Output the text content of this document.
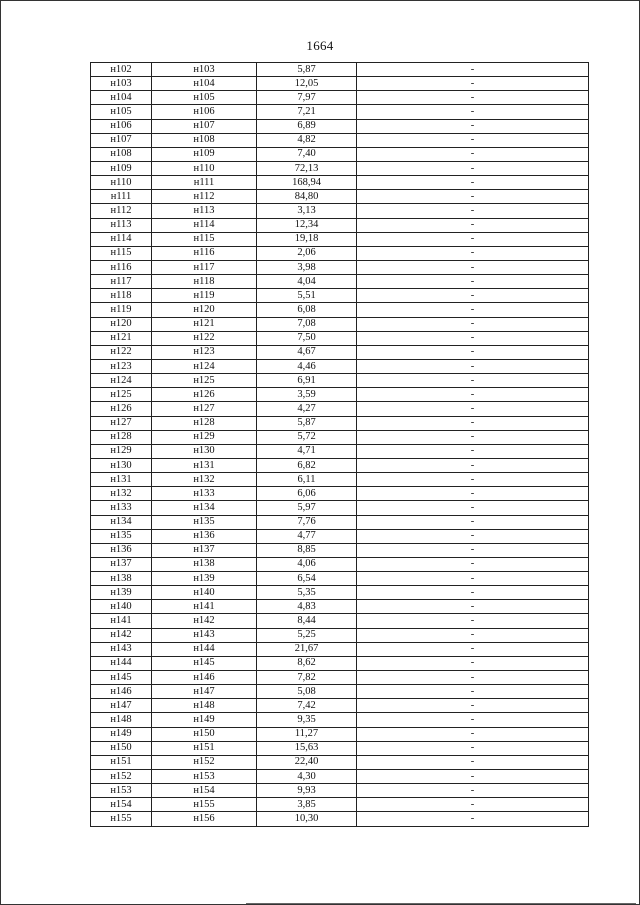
1664
н102	н103	5,87	-
н103	н104	12,05	-
н104	н105	7,97	-
н105	н106	7,21	-
н106	н107	6,89	-
н107	н108	4,82	-
н108	н109	7,40	-
н109	н110	72,13	-
н110	н111	168,94	-
н111	н112	84,80	-
н112	н113	3,13	-
н113	н114	12,34	-
н114	н115	19,18	-
н115	н116	2,06	-
н116	н117	3,98	-
н117	н118	4,04	-
н118	н119	5,51	-
н119	н120	6,08	-
н120	н121	7,08	-
н121	н122	7,50	-
н122	н123	4,67	-
н123	н124	4,46	-
н124	н125	6,91	-
н125	н126	3,59	-
н126	н127	4,27	-
н127	н128	5,87	-
н128	н129	5,72	-
н129	н130	4,71	-
н130	н131	6,82	-
н131	н132	6,11	-
н132	н133	6,06	-
н133	н134	5,97	-
н134	н135	7,76	-
н135	н136	4,77	-
н136	н137	8,85	-
н137	н138	4,06	-
н138	н139	6,54	-
н139	н140	5,35	-
н140	н141	4,83	-
н141	н142	8,44	-
н142	н143	5,25	-
н143	н144	21,67	-
н144	н145	8,62	-
н145	н146	7,82	-
н146	н147	5,08	-
н147	н148	7,42	-
н148	н149	9,35	-
н149	н150	11,27	-
н150	н151	15,63	-
н151	н152	22,40	-
н152	н153	4,30	-
н153	н154	9,93	-
н154	н155	3,85	-
н155	н156	10,30	-
